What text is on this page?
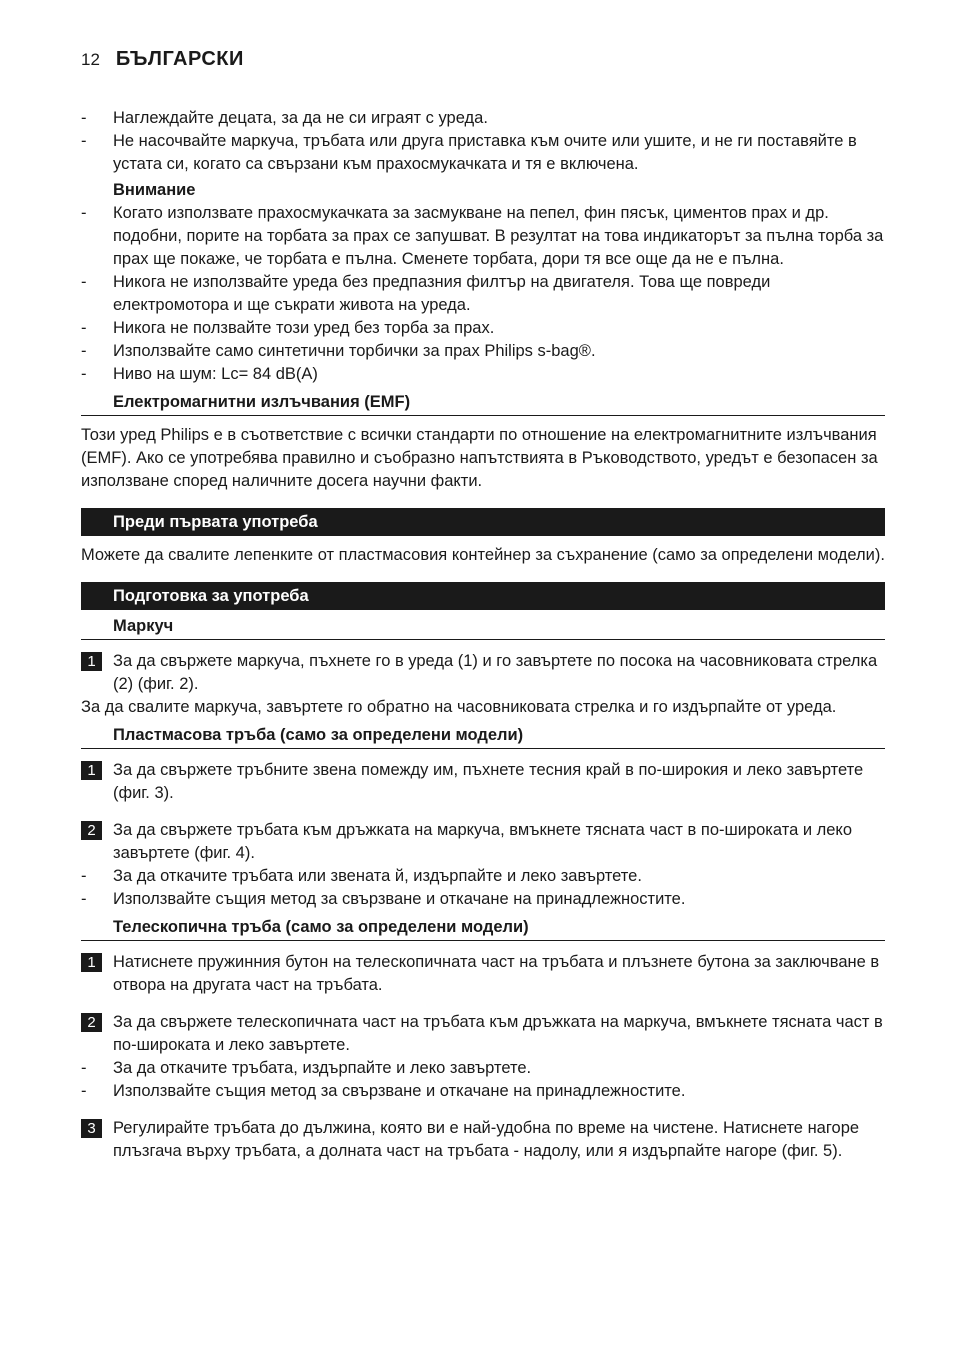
12 БЪЛГАРСКИ
- Наглеждайте децата, за да не си играят с уреда.
- Не насочвайте маркуча, тръбата или друга приставка към очите или ушите, и не ги поставяйте в устата си, когато са свързани към прахосмукачката и тя е включена.
Внимание
- Когато използвате прахосмукачката за засмукване на пепел, фин пясък, циментов прах и др. подобни, порите на торбата за прах се запушват. В резултат на това индикаторът за пълна торба за прах ще покаже, че торбата е пълна. Сменете торбата, дори тя все още да не е пълна.
- Никога не използвайте уреда без предпазния филтър на двигателя. Това ще повреди електромотора и ще съкрати живота на уреда.
- Никога не ползвайте този уред без торба за прах.
- Използвайте само синтетични торбички за прах Philips s-bag®.
- Ниво на шум: Lc= 84 dB(A)
Електромагнитни излъчвания (EMF)
Този уред Philips е в съответствие с всички стандарти по отношение на електромагнитните излъчвания (EMF). Ако се употребява правилно и съобразно напътствията в Ръководството, уредът е безопасен за използване според наличните досега научни факти.
Преди първата употреба
Можете да свалите лепенките от пластмасовия контейнер за съхранение (само за определени модели).
Подготовка за употреба
Маркуч
1	За да свържете маркуча, пъхнете го в уреда (1) и го завъртете по посока на часовниковата стрелка (2) (фиг. 2).
За да свалите маркуча, завъртете го обратно на часовниковата стрелка и го издърпайте от уреда.
Пластмасова тръба (само за определени модели)
1	За да свържете тръбните звена помежду им, пъхнете тесния край в по-широкия и леко завъртете (фиг. 3).
2	За да свържете тръбата към дръжката на маркуча, вмъкнете тясната част в по-широката и леко завъртете (фиг. 4).
- За да откачите тръбата или звената й, издърпайте и леко завъртете.
- Използвайте същия метод за свързване и откачане на принадлежностите.
Телескопична тръба (само за определени модели)
1	Натиснете пружинния бутон на телескопичната част на тръбата и плъзнете бутона за заключване в отвора на другата част на тръбата.
2	За да свържете телескопичната част на тръбата към дръжката на маркуча, вмъкнете тясната част в по-широката и леко завъртете.
- За да откачите тръбата, издърпайте и леко завъртете.
- Използвайте същия метод за свързване и откачане на принадлежностите.
3	Регулирайте тръбата до дължина, която ви е най-удобна по време на чистене. Натиснете нагоре плъзгача върху тръбата, а долната част на тръбата - надолу, или я издърпайте нагоре (фиг. 5).
